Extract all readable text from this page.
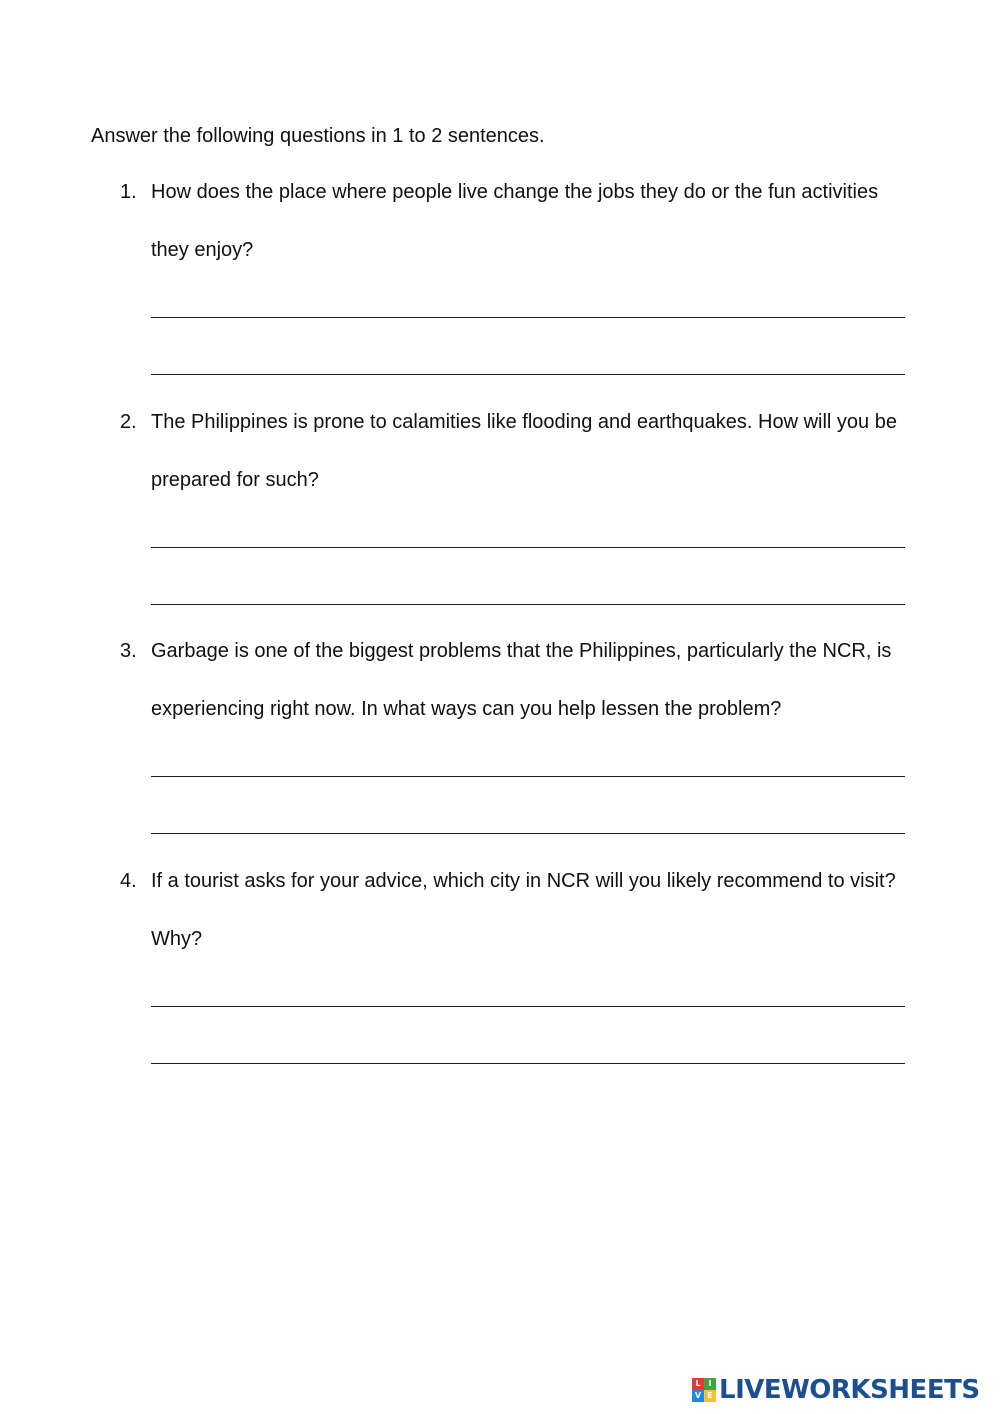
Answer the following questions in 1 to 2 sentences.
1. How does the place where people live change the jobs they do or the fun activities they enjoy?
2. The Philippines is prone to calamities like flooding and earthquakes. How will you be prepared for such?
3. Garbage is one of the biggest problems that the Philippines, particularly the NCR, is experiencing right now. In what ways can you help lessen the problem?
4. If a tourist asks for your advice, which city in NCR will you likely recommend to visit? Why?
L I
V E LIVEWORKSHEETS
